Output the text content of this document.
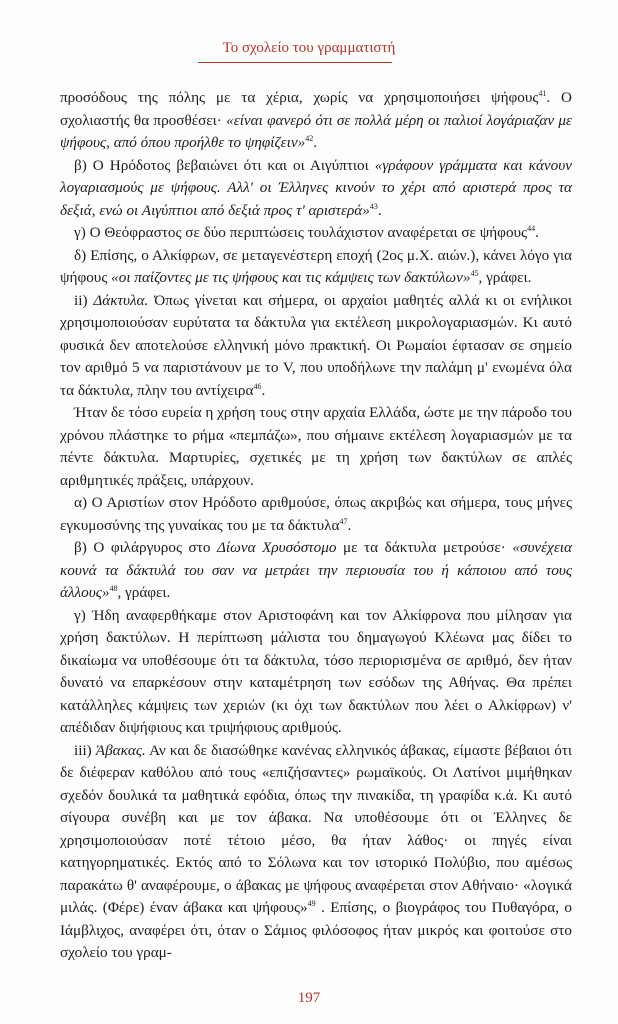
Το σχολείο του γραμματιστή

προσόδους της πόλης με τα χέρια, χωρίς να χρησιμοποιήσει ψήφους$^{41}$. Ο σχολιαστής θα προσθέσει· «είναι φανερό ότι σε πολλά μέρη οι παλιοί λογάριαζαν με ψήφους, από όπου προήλθε το ψηφίζειν»$^{42}$.

β) Ο Ηρόδοτος βεβαιώνει ότι και οι Αιγύπτιοι «γράφουν γράμματα και κάνουν λογαριασμούς με ψήφους. Αλλ' οι Έλληνες κινούν το χέρι από αριστερά πρoς τα δεξιά, ενώ οι Αιγύπτιοι από δεξιά προς τ' αριστερά»$^{43}$.

γ) Ο Θεόφραστος σε δύο περιπτώσεις τουλάχιστον αναφέρεται σε ψήφους$^{44}$.

δ) Επίσης, ο Αλκίφρων, σε μεταγενέστερη εποχή (2ος μ.Χ. αιών.), κάνει λόγο για ψήφους «οι παίζοντες με τις ψήφους και τις κάμψεις των δακτύλων»$^{45}$, γράφει.

ii) Δάκτυλα. Όπως γίνεται και σήμερα, οι αρχαίοι μαθητές αλλά κι οι ενήλικοι χρησιμοποιούσαν ευρύτατα τα δάκτυλα για εκτέλεση μικρολογαριασμών. Κι αυτό φυσικά δεν αποτελούσε ελληνική μόνο πρακτική. Οι Ρωμαίοι έφτασαν σε σημείο τον αριθμό 5 να παριστάνουν με το V, που υποδήλωνε την παλάμη μ' ενωμένα όλα τα δάκτυλα, πλην του αντίχειρα$^{46}$.

Ήταν δε τόσο ευρεία η χρήση τους στην αρχαία Ελλάδα, ώστε με την πάροδο του χρόνου πλάστηκε το ρήμα «πεμπάζω», που σήμαινε εκτέλεση λογαριασμών με τα πέντε δάκτυλα. Μαρτυρίες, σχετικές με τη χρήση των δακτύλων σε απλές αριθμητικές πράξεις, υπάρχουν.

α) Ο Αριστίων στον Ηρόδοτο αριθμούσε, όπως ακριβώς και σήμερα, τους μήνες εγκυμοσύνης της γυναίκας του με τα δάκτυλα$^{47}$.

β) Ο φιλάργυρος στο Δίωνα Χρυσόστομο με τα δάκτυλα μετρούσε· «συνέχεια κουνά τα δάκτυλά του σαν να μετράει την περιουσία του ή κάποιου από τους άλλους»$^{48}$, γράφει.

γ) Ήδη αναφερθήκαμε στον Αριστοφάνη και τον Αλκίφρονα που μίλησαν για χρήση δακτύλων. Η περίπτωση μάλιστα του δημαγωγού Κλέωνα μας δίδει το δικαίωμα να υποθέσουμε ότι τα δάκτυλα, τόσο περιορισμένα σε αριθμό, δεν ήταν δυνατό να επαρκέσουν στην καταμέτρηση των εσόδων της Αθήνας. Θα πρέπει κατάλληλες κάμψεις των χεριών (κι όχι των δακτύλων που λέει ο Αλκίφρων) ν' απέδιδαν διψήφιους και τριψήφιους αριθμούς.

iii) Άβακας. Αν και δε διασώθηκε κανένας ελληνικός άβακας, είμαστε βέβαιοι ότι δε διέφεραν καθόλου από τους «επιζήσαντες» ρωμαϊκούς. Οι Λατίνοι μιμήθηκαν σχεδόν δουλικά τα μαθητικά εφόδια, όπως την πινακίδα, τη γραφίδα κ.ά. Κι αυτό σίγουρα συνέβη και με τον άβακα. Να υποθέσουμε ότι οι Έλληνες δε χρησιμοποιούσαν ποτέ τέτοιο μέσο, θα ήταν λάθος· οι πηγές είναι κατηγορηματικές. Εκτός από το Σόλωνα και τον ιστορικό Πολύβιο, που αμέσως παρακάτω θ' αναφέρουμε, ο άβακας με ψήφους αναφέρεται στον Αθήναιο· «λογικά μιλάς. (Φέρε) έναν άβακα και ψήφους»$^{49}$ . Επίσης, ο βιογράφος του Πυθαγόρα, ο Ιάμβλιχος, αναφέρει ότι, όταν ο Σάμιος φιλόσοφος ήταν μικρός και φοιτούσε στο σχολείο του γραμ-

197
